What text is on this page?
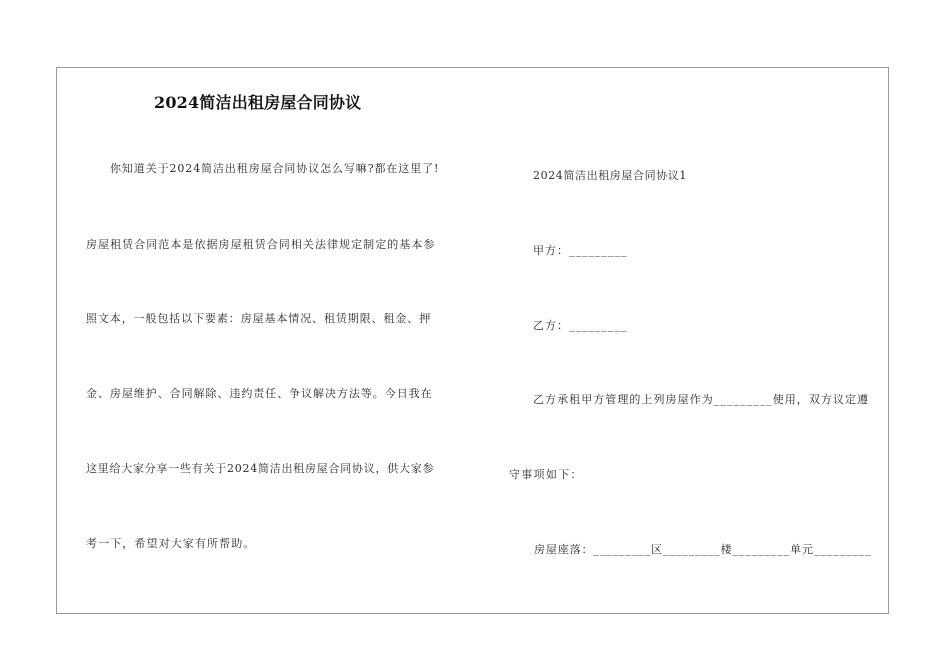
2024简洁出租房屋合同协议
你知道关于2024简洁出租房屋合同协议怎么写嘛?都在这里了!
房屋租赁合同范本是依据房屋租赁合同相关法律规定制定的基本参
照文本，一般包括以下要素：房屋基本情况、租赁期限、租金、押
金、房屋维护、合同解除、违约责任、争议解决方法等。今日我在
这里给大家分享一些有关于2024简洁出租房屋合同协议，供大家参
考一下，希望对大家有所帮助。
2024简洁出租房屋合同协议1
甲方：_________
乙方：_________
乙方承租甲方管理的上列房屋作为_________使用，双方议定遵
守事项如下：
房屋座落：_________区_________楼_________单元_________
